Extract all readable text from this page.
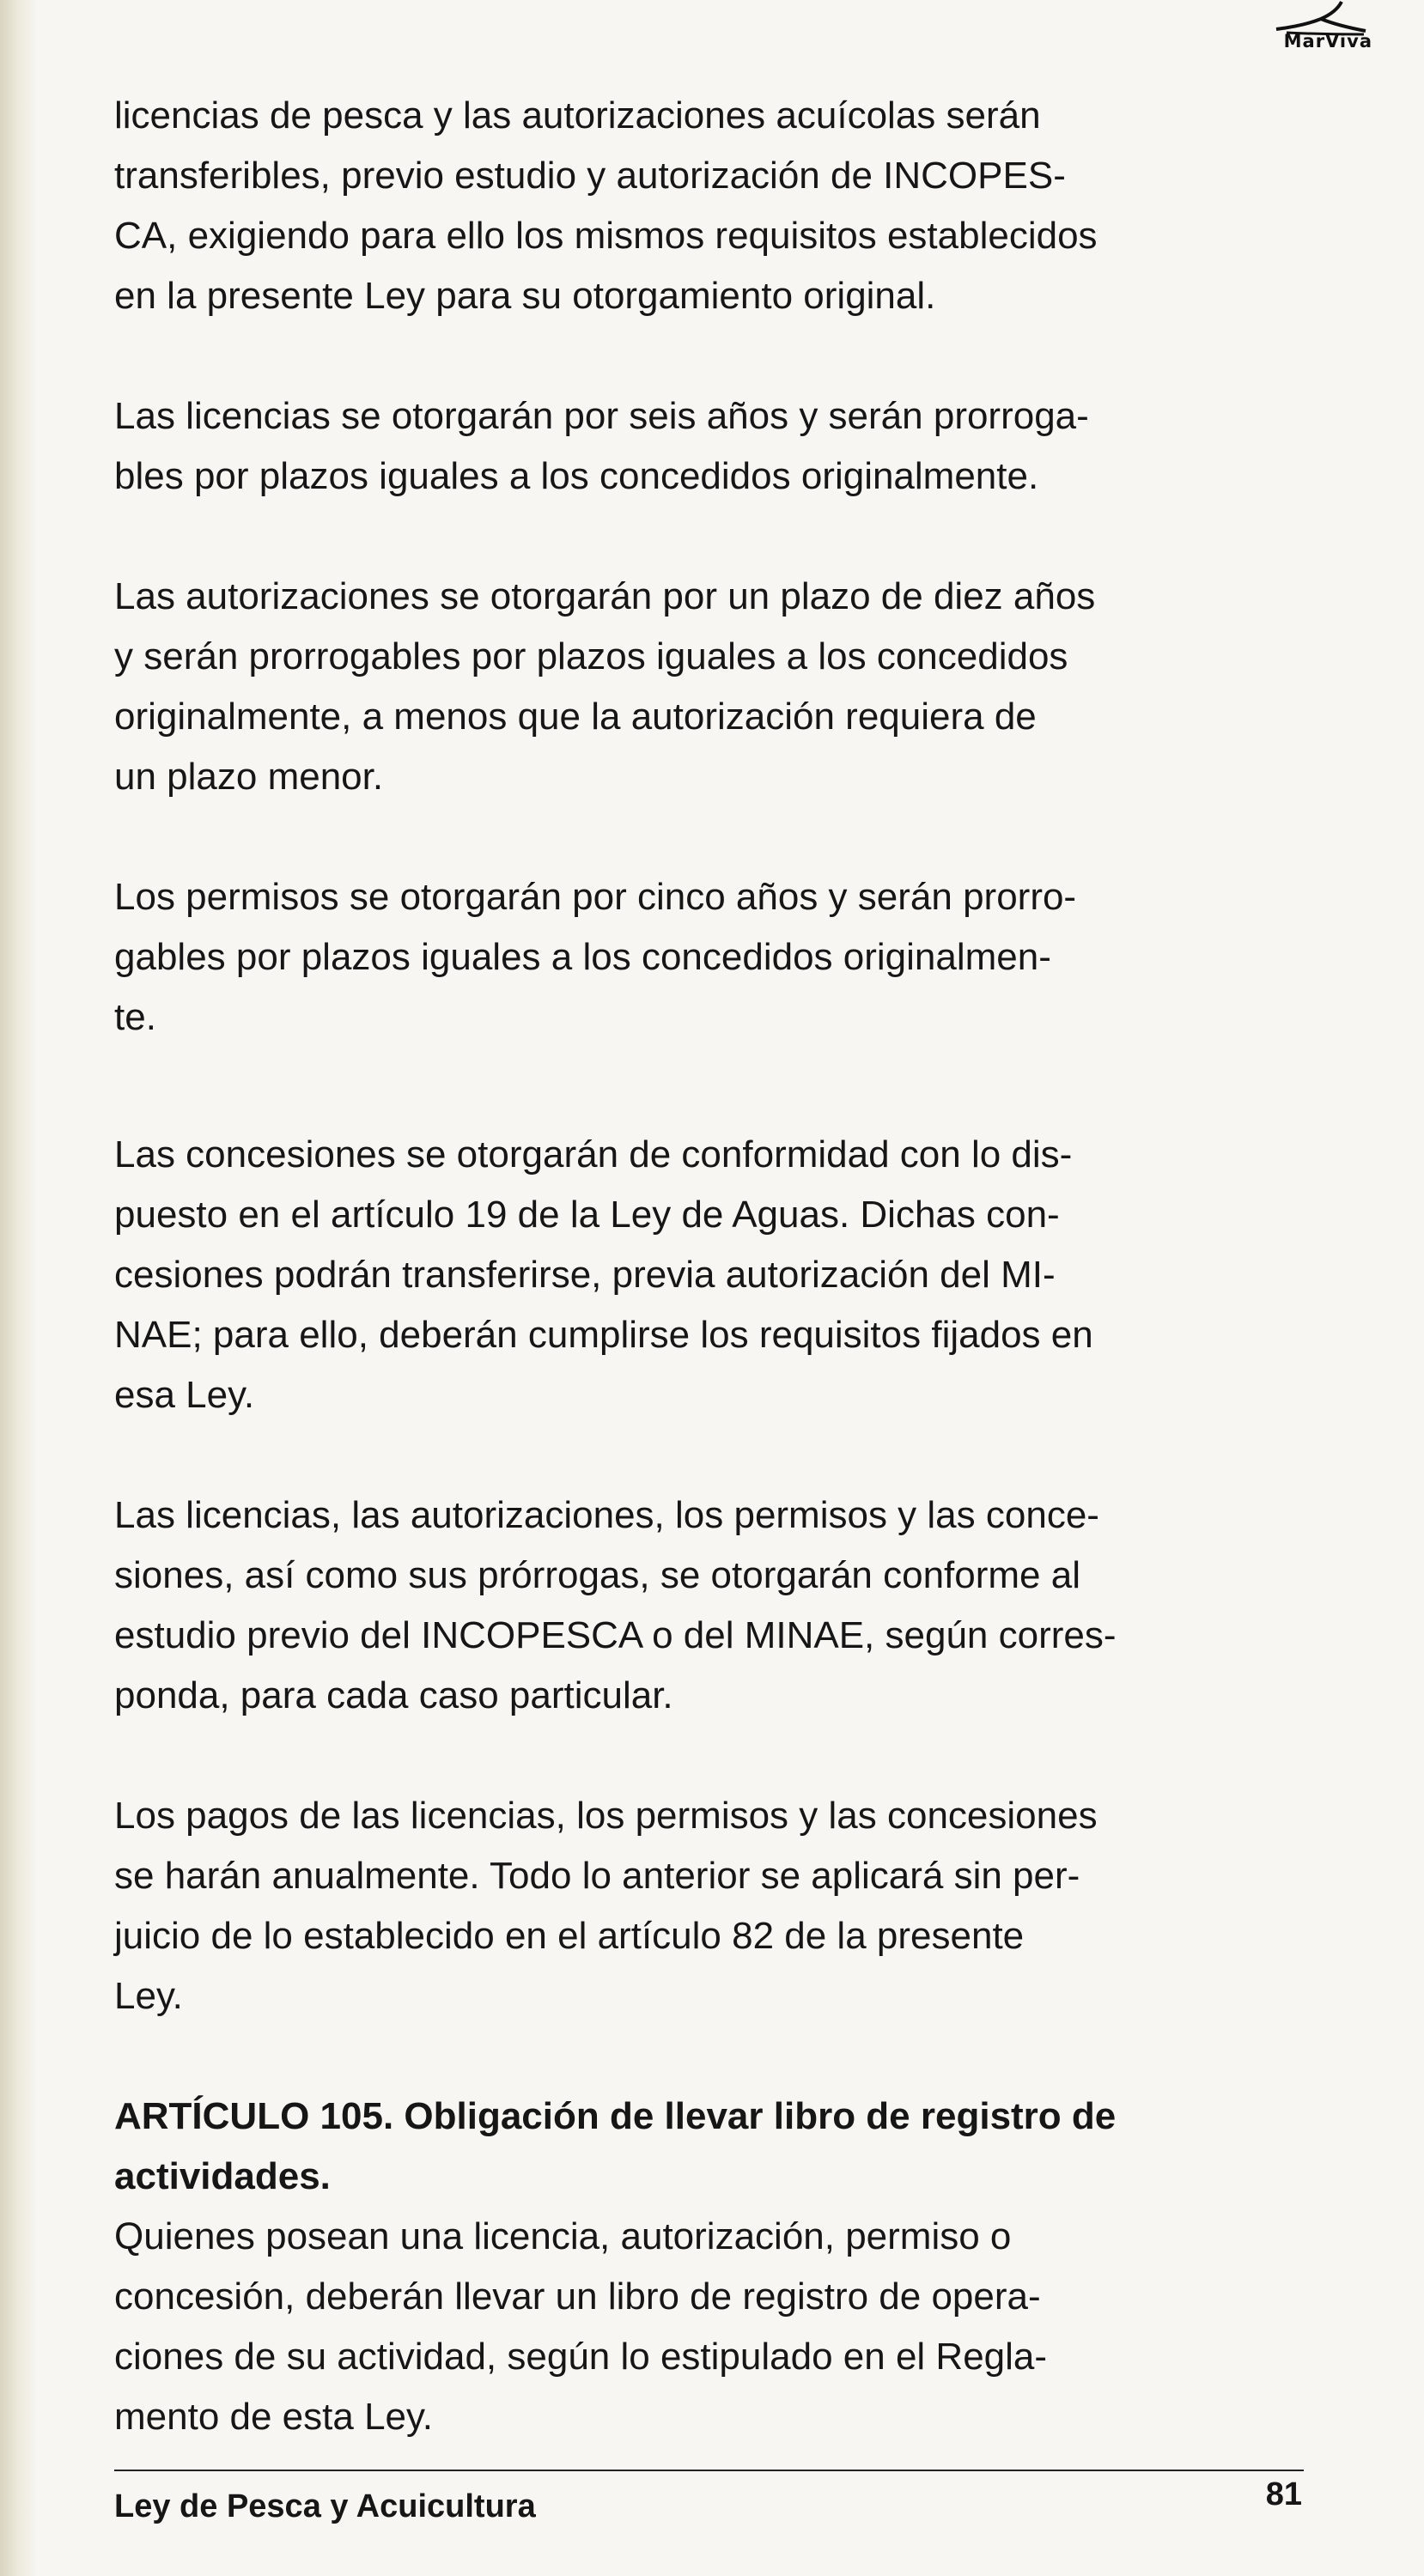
MarViva

licencias de pesca y las autorizaciones acuícolas serán
transferibles, previo estudio y autorización de INCOPES-
CA, exigiendo para ello los mismos requisitos establecidos
en la presente Ley para su otorgamiento original.

Las licencias se otorgarán por seis años y serán prorroga-
bles por plazos iguales a los concedidos originalmente.

Las autorizaciones se otorgarán por un plazo de diez años
y serán prorrogables por plazos iguales a los concedidos
originalmente, a menos que la autorización requiera de
un plazo menor.

Los permisos se otorgarán por cinco años y serán prorro-
gables por plazos iguales a los concedidos originalmen-
te.

Las concesiones se otorgarán de conformidad con lo dis-
puesto en el artículo 19 de la Ley de Aguas. Dichas con-
cesiones podrán transferirse, previa autorización del MI-
NAE; para ello, deberán cumplirse los requisitos fijados en
esa Ley.

Las licencias, las autorizaciones, los permisos y las conce-
siones, así como sus prórrogas, se otorgarán conforme al
estudio previo del INCOPESCA o del MINAE, según corres-
ponda, para cada caso particular.

Los pagos de las licencias, los permisos y las concesiones
se harán anualmente. Todo lo anterior se aplicará sin per-
juicio de lo establecido en el artículo 82 de la presente
Ley.

ARTÍCULO 105. Obligación de llevar libro de registro de
actividades.

Quienes posean una licencia, autorización, permiso o
concesión, deberán llevar un libro de registro de opera-
ciones de su actividad, según lo estipulado en el Regla-
mento de esta Ley.

Ley de Pesca y Acuicultura	81
